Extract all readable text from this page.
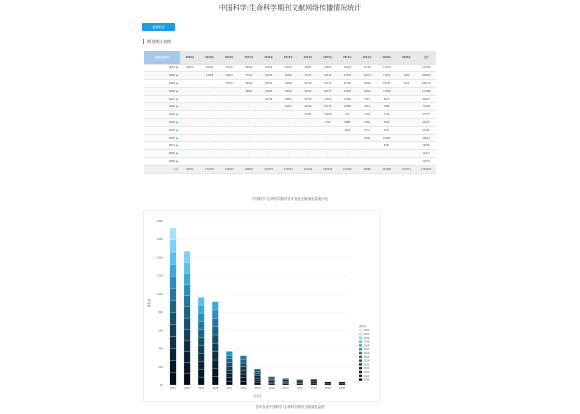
中国科学:生命科学期刊文献网络传播情况统计
数据报表
期刊统计表格
发表年 浏览年	2020年	2019年	2018年	2017年	2016年	2015年	2014年	2013年	2012年	2011年	2010年	2009年	合计
2021▣	96870	40433	35122	28460	26506	20502	18071	18669	16958	11718	11979		472509
2020▣	-	27068	28421	37215	29335	18440	23337	26216	17458	18474	17240	1386	268940
2019▣	-	-	25935	28460	28323	16809	25136	23772	21396	19590	14235	2349	196110
2018▣	-	-	-	18601	44623	28004	26523	28775	24584	13844	17828		171489
2017▣	-	-	-	-	24178	20862	23755	17990	17266	7953	8070		86914
2016▣	-	-	-	-	-	22651	28210	14774	12805	4253	7880		72189
2015▣	-	-	-	-	-	-	21491	14968	137	7904	7128		57573
2014▣	-	-	-	-	-	-	-	7593	6888	4369	2879		29161
2013▣	-	-	-	-	-	-	-	-	3699	7031	3327		22185
2012▣	-	-	-	-	-	-	-	-	-	9396	12009		19021
2011▣	-	-	-	-	-	-	-	-	-	-	8461		18290
2010▣	-	-	-	-	-	-	-	-	-	-	-		12417
2009▣	-	-	-	-	-	-	-	-	-	-	-		10378
合计	96870	152930	108003	108467	163678	179567	162294	182246	157990	99886	203280	167974	1729920
中国科学:生命科学期刊各年发表文献浏览量统计表
0k
20k
40k
60k
80k
100k
120k
140k
160k
180k
浏览量
发表年
2021	2020	2019	2018	2017	2016	2015	2014	2013	2012	2011	2010	2009
浏览年
2022
2021
2020
2019
2018
2017
2016
2015
2014
2013
2012
2011
2010
2009
各年发表中国科学:生命科学期刊文献浏览量图
